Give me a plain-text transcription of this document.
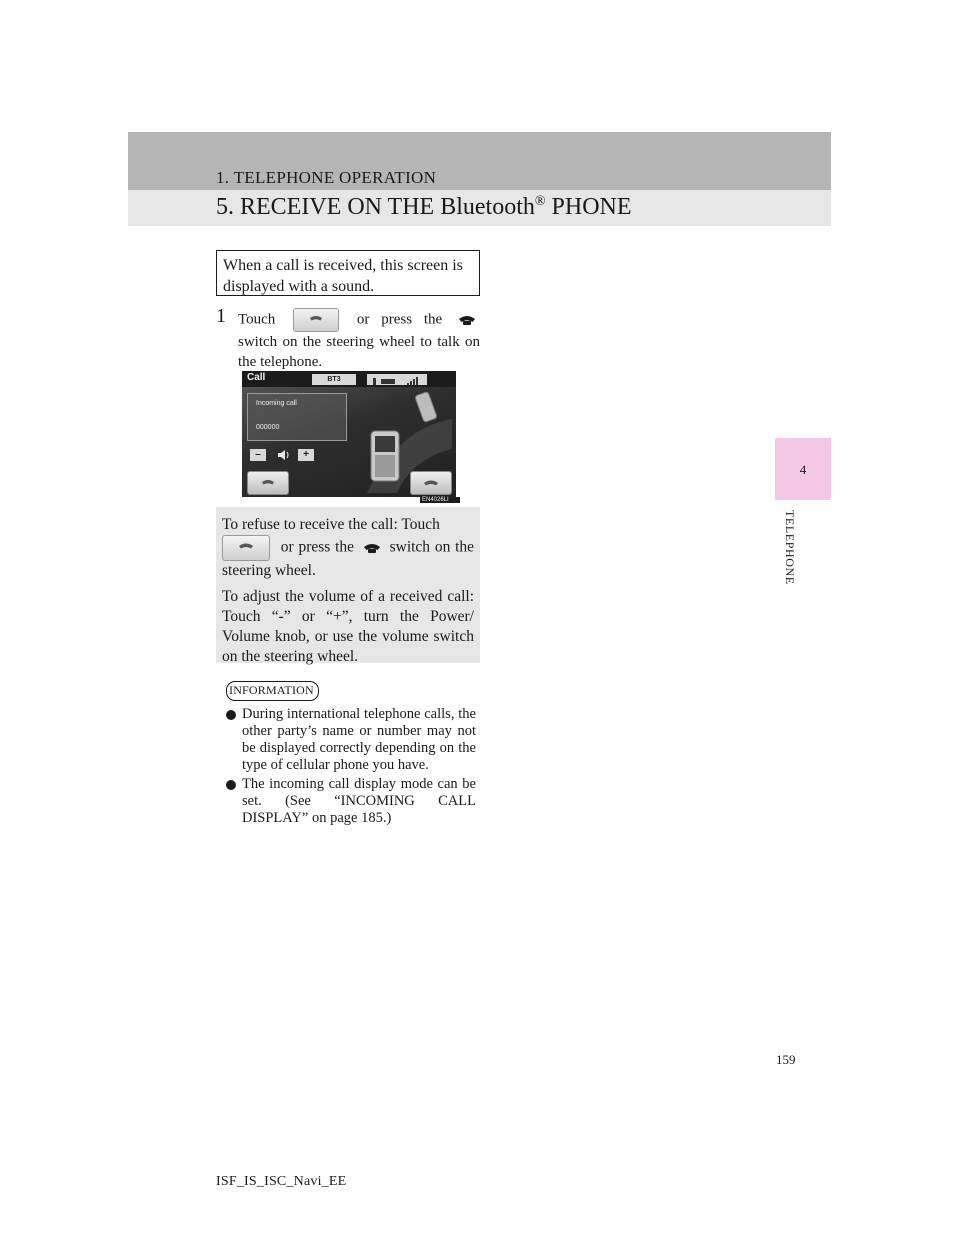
1. TELEPHONE OPERATION
5. RECEIVE ON THE Bluetooth® PHONE
4
TELEPHONE
When a call is received, this screen is displayed with a sound.
1 Touch	or press the
switch on the steering wheel to talk on the telephone.
Call	BT3
Incoming call
000000
–	+
EN4026LI

To refuse to receive the call: Touch
or press the switch on the steering wheel.

To adjust the volume of a received call: Touch “-” or “+”, turn the Power/ Volume knob, or use the volume switch on the steering wheel.

INFORMATION
During international telephone calls, the other party’s name or number may not be displayed correctly depending on the type of cellular phone you have.
The incoming call display mode can be set. (See “INCOMING CALL DISPLAY” on page 185.)
159
ISF_IS_ISC_Navi_EE
